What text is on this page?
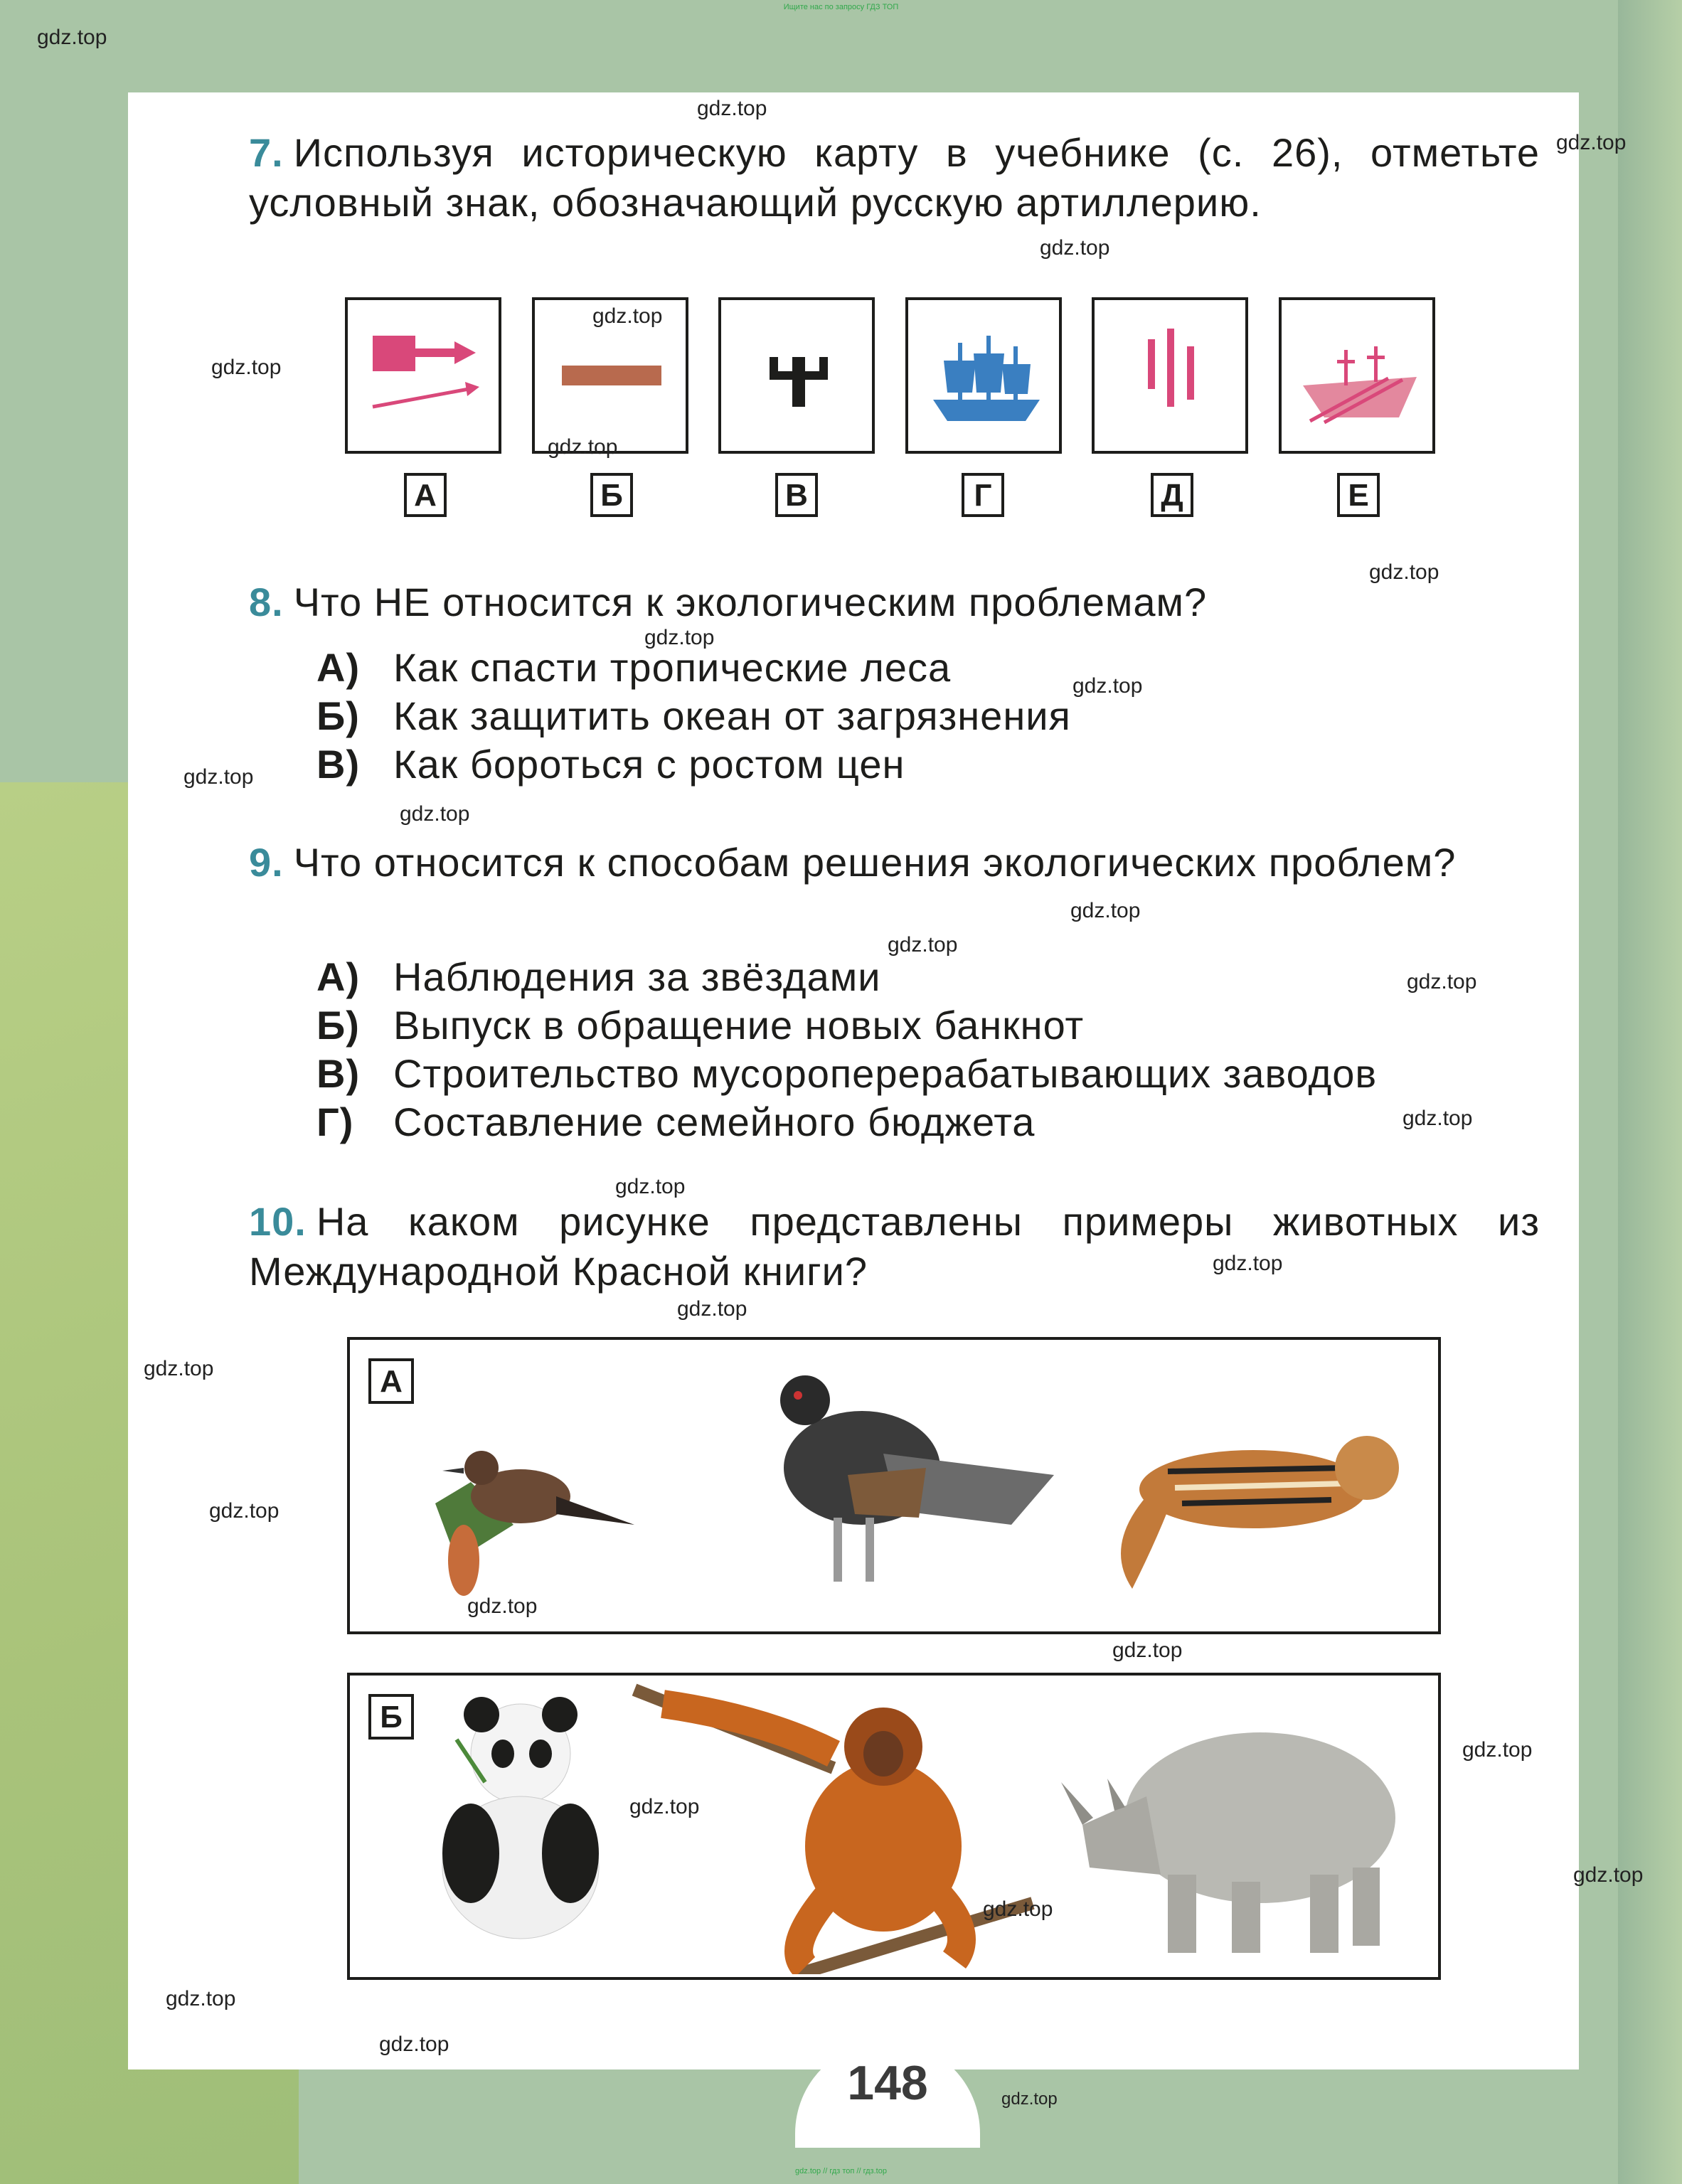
Ищите нас по запросу ГДЗ ТОП
7. Используя историческую карту в учебнике (с. 26), отметьте условный знак, обозначающий русскую артиллерию.
А	Б	В	Г	Д	Е
8. Что НЕ относится к экологическим проблемам?
А) Как спасти тропические леса
Б) Как защитить океан от загрязнения
В) Как бороться с ростом цен
9. Что относится к способам решения экологических проблем?
А) Наблюдения за звёздами
Б) Выпуск в обращение новых банкнот
В) Строительство мусороперерабатывающих заводов
Г) Составление семейного бюджета
10. На каком рисунке представлены примеры животных из Международной Красной книги?
А
Б
148
gdz.top
gdz.top
gdz.top
gdz.top
gdz.top
gdz.top
gdz.top
gdz.top
gdz.top
gdz.top
gdz.top
gdz.top
gdz.top
gdz.top
gdz.top
gdz.top
gdz.top
gdz.top
gdz.top
gdz.top
gdz.top
gdz.top
gdz.top
gdz.top
gdz.top
gdz.top
gdz.top
gdz.top
gdz.top
gdz.top
gdz.top // гдз топ // гдз.top
